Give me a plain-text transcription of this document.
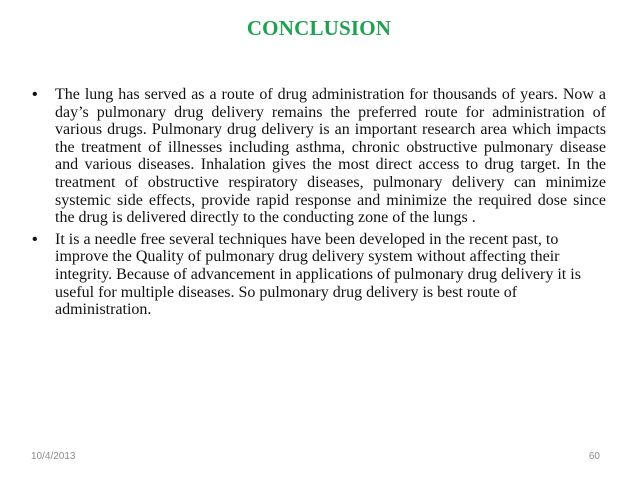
CONCLUSION
• The lung has served as a route of drug administration for thousands of years. Now a day’s pulmonary drug delivery remains the preferred route for administration of various drugs. Pulmonary drug delivery is an important research area which impacts the treatment of illnesses including asthma, chronic obstructive pulmonary disease and various diseases. Inhalation gives the most direct access to drug target. In the treatment of obstructive respiratory diseases, pulmonary delivery can minimize systemic side effects, provide rapid response and minimize the required dose since the drug is delivered directly to the conducting zone of the lungs .
• It is a needle free several techniques have been developed in the recent past, to improve the Quality of pulmonary drug delivery system without affecting their integrity. Because of advancement in applications of pulmonary drug delivery it is useful for multiple diseases. So pulmonary drug delivery is best route of administration.
10/4/2013	60
